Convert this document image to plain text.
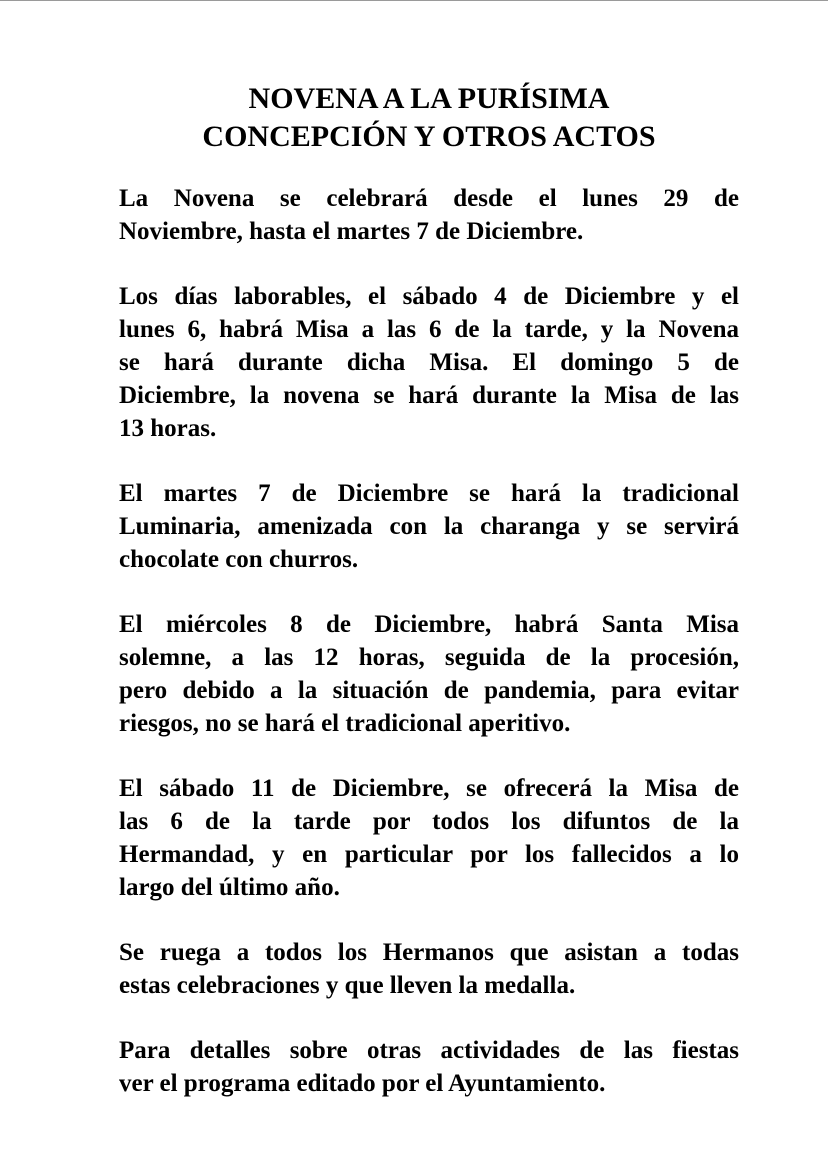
NOVENA A LA PURÍSIMA
CONCEPCIÓN Y OTROS ACTOS
La Novena se celebrará desde el lunes 29 de
Noviembre, hasta el martes 7 de Diciembre.
Los días laborables, el sábado 4 de Diciembre y el
lunes 6, habrá Misa a las 6 de la tarde, y la Novena
se hará durante dicha Misa. El domingo 5 de
Diciembre, la novena se hará durante la Misa de las
13 horas.
El martes 7 de Diciembre se hará la tradicional
Luminaria, amenizada con la charanga y se servirá
chocolate con churros.
El miércoles 8 de Diciembre, habrá Santa Misa
solemne, a las 12 horas, seguida de la procesión,
pero debido a la situación de pandemia, para evitar
riesgos, no se hará el tradicional aperitivo.
El sábado 11 de Diciembre, se ofrecerá la Misa de
las 6 de la tarde por todos los difuntos de la
Hermandad, y en particular por los fallecidos a lo
largo del último año.
Se ruega a todos los Hermanos que asistan a todas
estas celebraciones y que lleven la medalla.
Para detalles sobre otras actividades de las fiestas
ver el programa editado por el Ayuntamiento.
